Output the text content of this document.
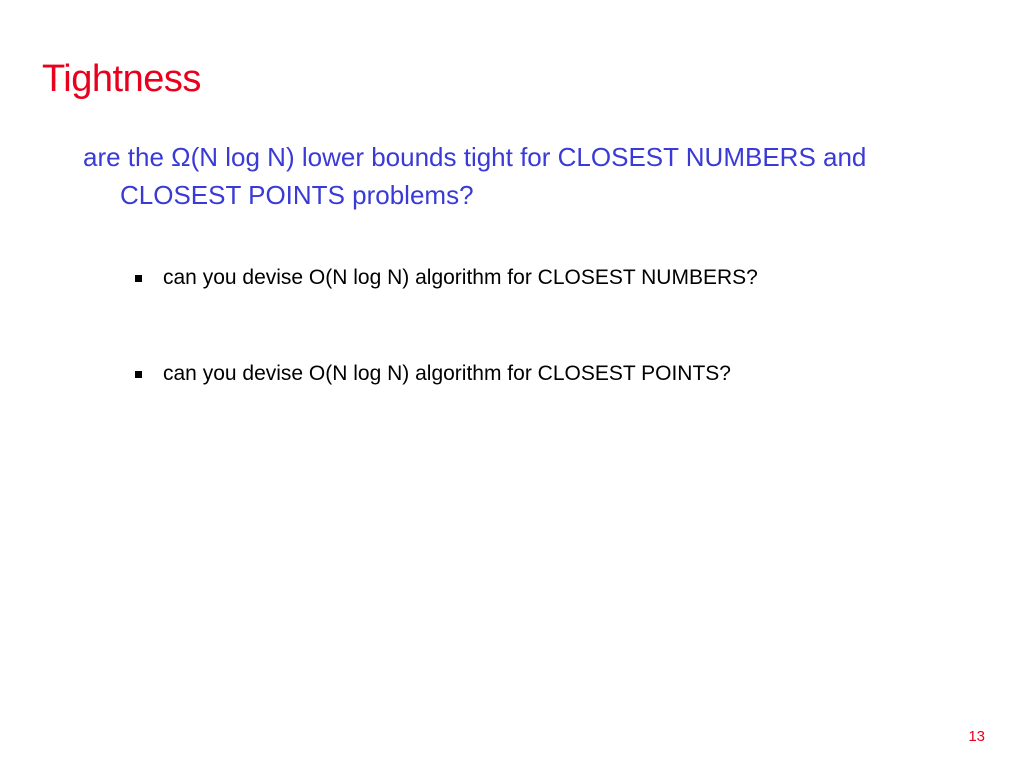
Tightness
are the Ω(N log N) lower bounds tight for CLOSEST NUMBERS and CLOSEST POINTS problems?
can you devise O(N log N) algorithm for CLOSEST NUMBERS?
can you devise O(N log N) algorithm for CLOSEST POINTS?
13
